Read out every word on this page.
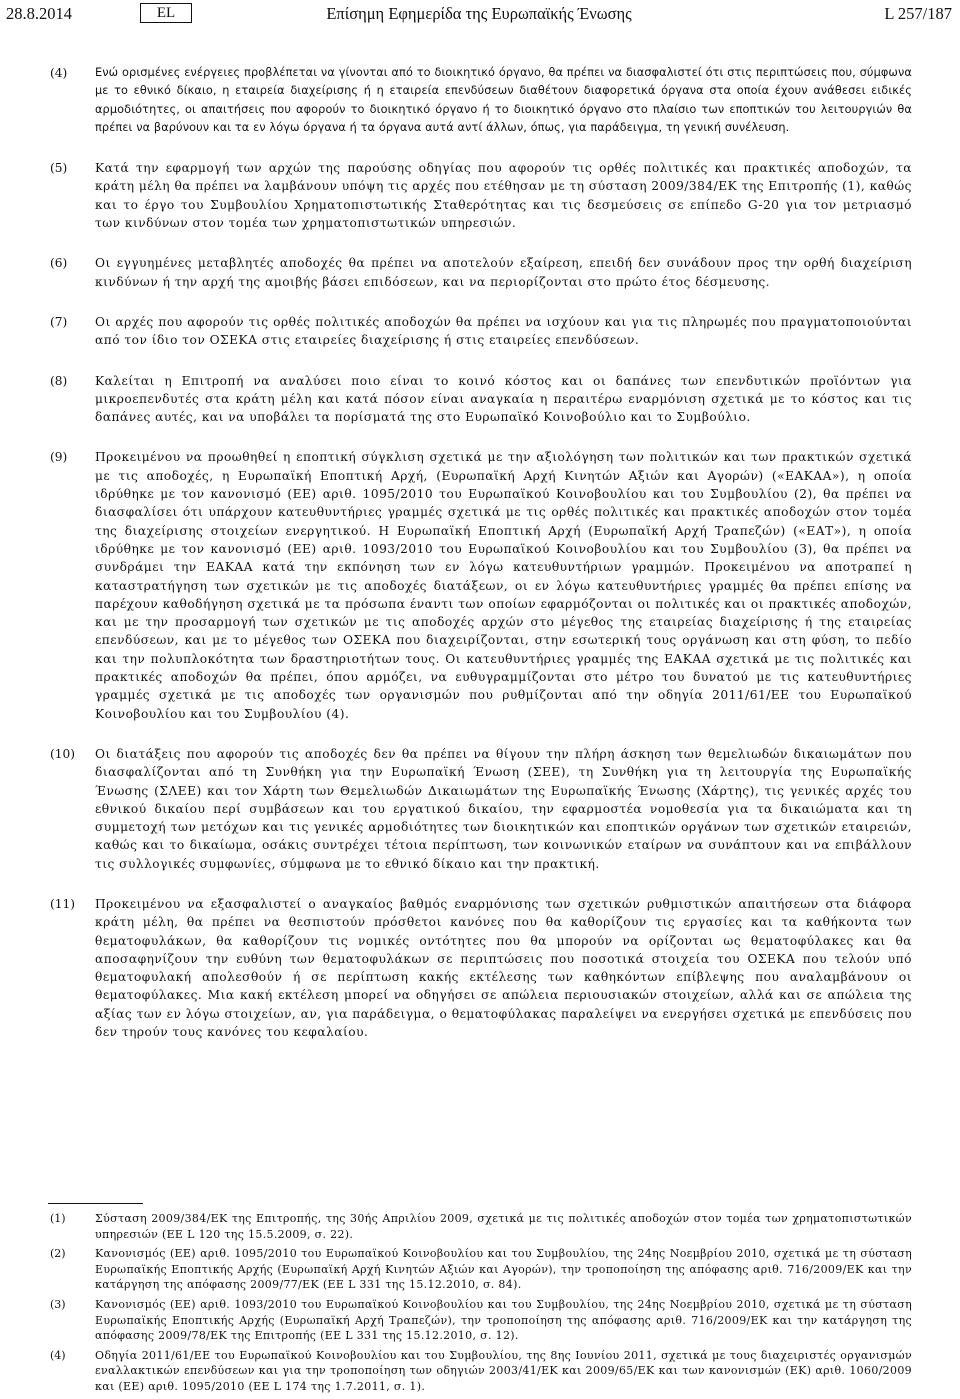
28.8.2014	EL	Επίσημη Εφημερίδα της Ευρωπαϊκής Ένωσης	L 257/187
(4) Ενώ ορισμένες ενέργειες προβλέπεται να γίνονται από το διοικητικό όργανο, θα πρέπει να διασφαλιστεί ότι στις περιπτώσεις που, σύμφωνα με το εθνικό δίκαιο, η εταιρεία διαχείρισης ή η εταιρεία επενδύσεων διαθέτουν διαφορετικά όργανα στα οποία έχουν ανάθεσει ειδικές αρμοδιότητες, οι απαιτήσεις που αφορούν το διοικητικό όργανο ή το διοικητικό όργανο στο πλαίσιο των εποπτικών του λειτουργιών θα πρέπει να βαρύνουν και τα εν λόγω όργανα ή τα όργανα αυτά αντί άλλων, όπως, για παράδειγμα, τη γενική συνέλευση.
(5) Κατά την εφαρμογή των αρχών της παρούσης οδηγίας που αφορούν τις ορθές πολιτικές και πρακτικές αποδοχών, τα κράτη μέλη θα πρέπει να λαμβάνουν υπόψη τις αρχές που ετέθησαν με τη σύσταση 2009/384/ΕΚ της Επιτροπής (1), καθώς και το έργο του Συμβουλίου Χρηματοπιστωτικής Σταθερότητας και τις δεσμεύσεις σε επίπεδο G-20 για τον μετριασμό των κινδύνων στον τομέα των χρηματοπιστωτικών υπηρεσιών.
(6) Οι εγγυημένες μεταβλητές αποδοχές θα πρέπει να αποτελούν εξαίρεση, επειδή δεν συνάδουν προς την ορθή διαχείριση κινδύνων ή την αρχή της αμοιβής βάσει επιδόσεων, και να περιορίζονται στο πρώτο έτος δέσμευσης.
(7) Οι αρχές που αφορούν τις ορθές πολιτικές αποδοχών θα πρέπει να ισχύουν και για τις πληρωμές που πραγματοποιούνται από τον ίδιο τον ΟΣΕΚΑ στις εταιρείες διαχείρισης ή στις εταιρείες επενδύσεων.
(8) Καλείται η Επιτροπή να αναλύσει ποιο είναι το κοινό κόστος και οι δαπάνες των επενδυτικών προϊόντων για μικροεπενδυτές στα κράτη μέλη και κατά πόσον είναι αναγκαία η περαιτέρω εναρμόνιση σχετικά με το κόστος και τις δαπάνες αυτές, και να υποβάλει τα πορίσματά της στο Ευρωπαϊκό Κοινοβούλιο και το Συμβούλιο.
(9) Προκειμένου να προωθηθεί η εποπτική σύγκλιση σχετικά με την αξιολόγηση των πολιτικών και των πρακτικών σχετικά με τις αποδοχές, η Ευρωπαϊκή Εποπτική Αρχή, (Ευρωπαϊκή Αρχή Κινητών Αξιών και Αγορών) («ΕΑΚΑΑ»), η οποία ιδρύθηκε με τον κανονισμό (ΕΕ) αριθ. 1095/2010 του Ευρωπαϊκού Κοινοβουλίου και του Συμβουλίου (2), θα πρέπει να διασφαλίσει ότι υπάρχουν κατευθυντήριες γραμμές σχετικά με τις ορθές πολιτικές και πρακτικές αποδοχών στον τομέα της διαχείρισης στοιχείων ενεργητικού. Η Ευρωπαϊκή Εποπτική Αρχή (Ευρωπαϊκή Αρχή Τραπεζών) («ΕΑΤ»), η οποία ιδρύθηκε με τον κανονισμό (ΕΕ) αριθ. 1093/2010 του Ευρωπαϊκού Κοινοβουλίου και του Συμβουλίου (3), θα πρέπει να συνδράμει την ΕΑΚΑΑ κατά την εκπόνηση των εν λόγω κατευθυντήριων γραμμών. Προκειμένου να αποτραπεί η καταστρατήγηση των σχετικών με τις αποδοχές διατάξεων, οι εν λόγω κατευθυντήριες γραμμές θα πρέπει επίσης να παρέχουν καθοδήγηση σχετικά με τα πρόσωπα έναντι των οποίων εφαρμόζονται οι πολιτικές και οι πρακτικές αποδοχών, και με την προσαρμογή των σχετικών με τις αποδοχές αρχών στο μέγεθος της εταιρείας διαχείρισης ή της εταιρείας επενδύσεων, και με το μέγεθος των ΟΣΕΚΑ που διαχειρίζονται, στην εσωτερική τους οργάνωση και στη φύση, το πεδίο και την πολυπλοκότητα των δραστηριοτήτων τους. Οι κατευθυντήριες γραμμές της ΕΑΚΑΑ σχετικά με τις πολιτικές και πρακτικές αποδοχών θα πρέπει, όπου αρμόζει, να ευθυγραμμίζονται στο μέτρο του δυνατού με τις κατευθυντήριες γραμμές σχετικά με τις αποδοχές των οργανισμών που ρυθμίζονται από την οδηγία 2011/61/ΕΕ του Ευρωπαϊκού Κοινοβουλίου και του Συμβουλίου (4).
(10) Οι διατάξεις που αφορούν τις αποδοχές δεν θα πρέπει να θίγουν την πλήρη άσκηση των θεμελιωδών δικαιωμάτων που διασφαλίζονται από τη Συνθήκη για την Ευρωπαϊκή Ένωση (ΣΕΕ), τη Συνθήκη για τη λειτουργία της Ευρωπαϊκής Ένωσης (ΣΛΕΕ) και τον Χάρτη των Θεμελιωδών Δικαιωμάτων της Ευρωπαϊκής Ένωσης (Χάρτης), τις γενικές αρχές του εθνικού δικαίου περί συμβάσεων και του εργατικού δικαίου, την εφαρμοστέα νομοθεσία για τα δικαιώματα και τη συμμετοχή των μετόχων και τις γενικές αρμοδιότητες των διοικητικών και εποπτικών οργάνων των σχετικών εταιρειών, καθώς και το δικαίωμα, οσάκις συντρέχει τέτοια περίπτωση, των κοινωνικών εταίρων να συνάπτουν και να επιβάλλουν τις συλλογικές συμφωνίες, σύμφωνα με το εθνικό δίκαιο και την πρακτική.
(11) Προκειμένου να εξασφαλιστεί ο αναγκαίος βαθμός εναρμόνισης των σχετικών ρυθμιστικών απαιτήσεων στα διάφορα κράτη μέλη, θα πρέπει να θεσπιστούν πρόσθετοι κανόνες που θα καθορίζουν τις εργασίες και τα καθήκοντα των θεματοφυλάκων, θα καθορίζουν τις νομικές οντότητες που θα μπορούν να ορίζονται ως θεματοφύλακες και θα αποσαφηνίζουν την ευθύνη των θεματοφυλάκων σε περιπτώσεις που ποσοτικά στοιχεία του ΟΣΕΚΑ που τελούν υπό θεματοφυλακή απολεσθούν ή σε περίπτωση κακής εκτέλεσης των καθηκόντων επίβλεψης που αναλαμβάνουν οι θεματοφύλακες. Μια κακή εκτέλεση μπορεί να οδηγήσει σε απώλεια περιουσιακών στοιχείων, αλλά και σε απώλεια της αξίας των εν λόγω στοιχείων, αν, για παράδειγμα, ο θεματοφύλακας παραλείψει να ενεργήσει σχετικά με επενδύσεις που δεν τηρούν τους κανόνες του κεφαλαίου.
(1)	Σύσταση 2009/384/ΕΚ της Επιτροπής, της 30ής Απριλίου 2009, σχετικά με τις πολιτικές αποδοχών στον τομέα των χρηματοπιστωτικών υπηρεσιών (ΕΕ L 120 της 15.5.2009, σ. 22).
(2)	Κανονισμός (ΕΕ) αριθ. 1095/2010 του Ευρωπαϊκού Κοινοβουλίου και του Συμβουλίου, της 24ης Νοεμβρίου 2010, σχετικά με τη σύσταση Ευρωπαϊκής Εποπτικής Αρχής (Ευρωπαϊκή Αρχή Κινητών Αξιών και Αγορών), την τροποποίηση της απόφασης αριθ. 716/2009/ΕΚ και την κατάργηση της απόφασης 2009/77/ΕΚ (ΕΕ L 331 της 15.12.2010, σ. 84).
(3)	Κανονισμός (ΕΕ) αριθ. 1093/2010 του Ευρωπαϊκού Κοινοβουλίου και του Συμβουλίου, της 24ης Νοεμβρίου 2010, σχετικά με τη σύσταση Ευρωπαϊκής Εποπτικής Αρχής (Ευρωπαϊκή Αρχή Τραπεζών), την τροποποίηση της απόφασης αριθ. 716/2009/ΕΚ και την κατάργηση της απόφασης 2009/78/ΕΚ της Επιτροπής (ΕΕ L 331 της 15.12.2010, σ. 12).
(4)	Οδηγία 2011/61/ΕΕ του Ευρωπαϊκού Κοινοβουλίου και του Συμβουλίου, της 8ης Ιουνίου 2011, σχετικά με τους διαχειριστές οργανισμών εναλλακτικών επενδύσεων και για την τροποποίηση των οδηγιών 2003/41/ΕΚ και 2009/65/ΕΚ και των κανονισμών (ΕΚ) αριθ. 1060/2009 και (ΕΕ) αριθ. 1095/2010 (ΕΕ L 174 της 1.7.2011, σ. 1).
